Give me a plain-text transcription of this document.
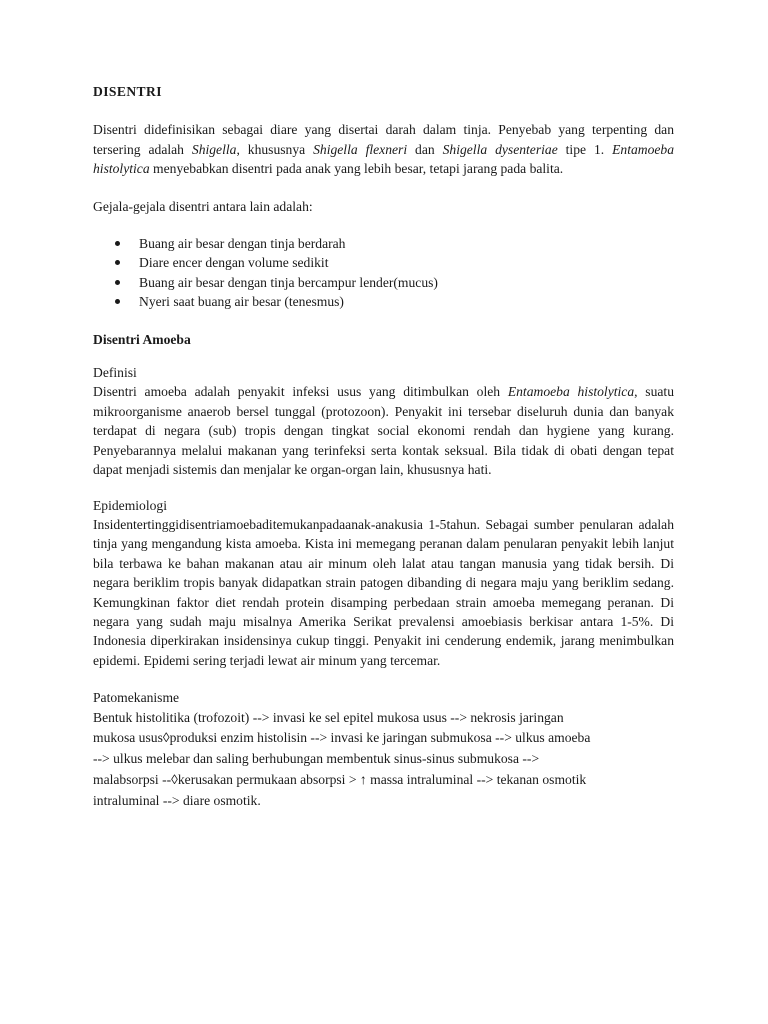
DISENTRI

Disentri didefinisikan sebagai diare yang disertai darah dalam tinja. Penyebab yang terpenting dan tersering adalah Shigella, khususnya Shigella flexneri dan Shigella dysenteriae tipe 1. Entamoeba histolytica menyebabkan disentri pada anak yang lebih besar, tetapi jarang pada balita.

Gejala-gejala disentri antara lain adalah:

Buang air besar dengan tinja berdarah
Diare encer dengan volume sedikit
Buang air besar dengan tinja bercampur lender(mucus)
Nyeri saat buang air besar (tenesmus)
Disentri Amoeba

Definisi

Disentri amoeba adalah penyakit infeksi usus yang ditimbulkan oleh Entamoeba histolytica, suatu mikroorganisme anaerob bersel tunggal (protozoon). Penyakit ini tersebar diseluruh dunia dan banyak terdapat di negara (sub) tropis dengan tingkat social ekonomi rendah dan hygiene yang kurang. Penyebarannya melalui makanan yang terinfeksi serta kontak seksual. Bila tidak di obati dengan tepat dapat menjadi sistemis dan menjalar ke organ-organ lain, khususnya hati.

Epidemiologi

Insidentertinggidisentriamoebaditemukanpadaanak-anakusia 1-5tahun. Sebagai sumber penularan adalah tinja yang mengandung kista amoeba. Kista ini memegang peranan dalam penularan penyakit lebih lanjut bila terbawa ke bahan makanan atau air minum oleh lalat atau tangan manusia yang tidak bersih. Di negara beriklim tropis banyak didapatkan strain patogen dibanding di negara maju yang beriklim sedang. Kemungkinan faktor diet rendah protein disamping perbedaan strain amoeba memegang peranan. Di negara yang sudah maju misalnya Amerika Serikat prevalensi amoebiasis berkisar antara 1-5%. Di Indonesia diperkirakan insidensinya cukup tinggi. Penyakit ini cenderung endemik, jarang menimbulkan epidemi. Epidemi sering terjadi lewat air minum yang tercemar.

Patomekanisme

Bentuk histolitika (trofozoit) --> invasi ke sel epitel mukosa usus --> nekrosis jaringan
mukosa usus◊produksi enzim histolisin --> invasi ke jaringan submukosa --> ulkus amoeba
--> ulkus melebar dan saling berhubungan membentuk sinus-sinus submukosa -->
malabsorpsi --◊kerusakan permukaan absorpsi > ↑ massa intraluminal --> tekanan osmotik
intraluminal --> diare osmotik.
